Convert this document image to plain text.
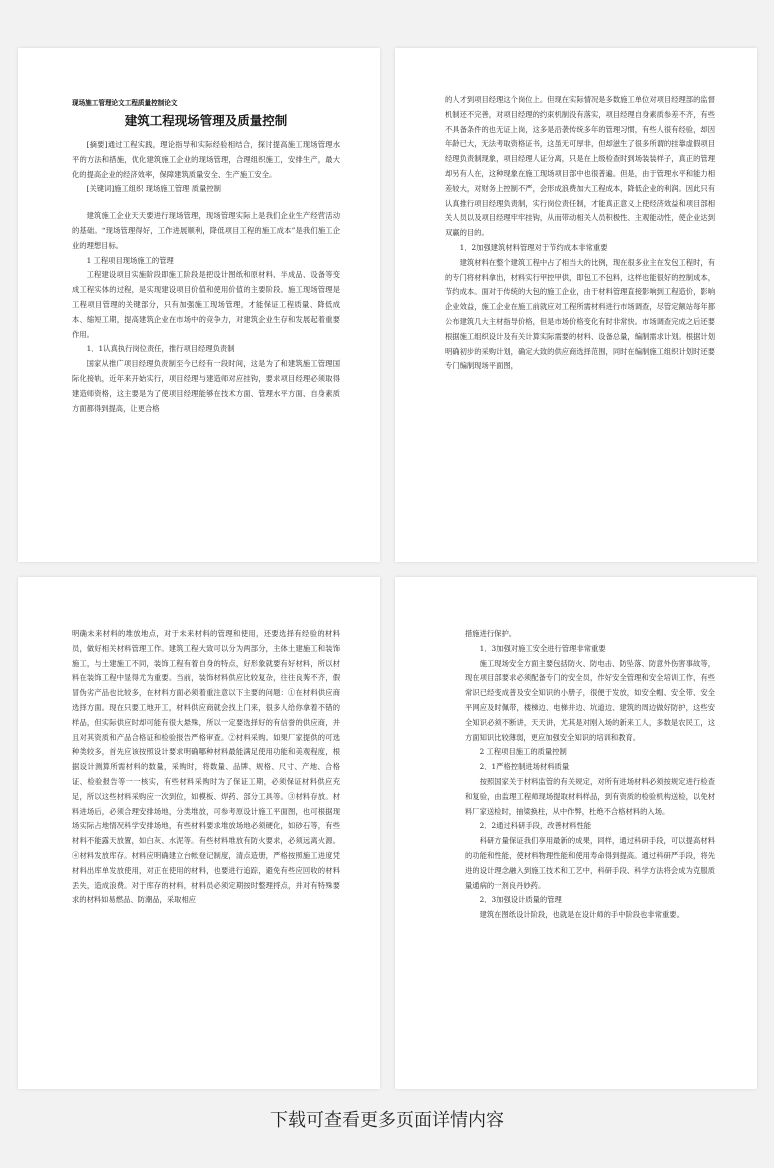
现场施工管理论文工程质量控制论文
建筑工程现场管理及质量控制

[摘要]通过工程实践，理论指导和实际经验相结合，探讨提高施工现场管理水平的方法和措施，优化建筑施工企业的现场管理，合理组织施工，安排生产，最大化的提高企业的经济效率，保障建筑质量安全、生产施工安全。

[关键词]施工组织 现场施工管理 质量控制

建筑施工企业天天要进行现场管理，现场管理实际上是我们企业生产经营活动的基础。“现场管理得好，工作进展顺利，降低项目工程的施工成本”是我们施工企业的理想目标。

1 工程项目现场施工的管理

工程建设项目实施阶段即施工阶段是把设计图纸和原材料、半成品、设备等变成工程实体的过程，是实现建设项目价值和使用价值的主要阶段。施工现场管理是工程项目管理的关键部分，只有加强施工现场管理，才能保证工程质量、降低成本、缩短工期，提高建筑企业在市场中的竞争力，对建筑企业生存和发展起着重要作用。

1．1认真执行岗位责任，推行项目经理负责制

国家从推广项目经理负责制至今已经有一段时间，这是为了和建筑施工管理国际化接轨，近年来开始实行，项目经理与建造师对应挂钩，要求项目经理必须取得建造师资格，这主要是为了使项目经理能够在技术方面、管理水平方面、自身素质方面都得到提高，让更合格

的人才到项目经理这个岗位上。但现在实际情况是多数施工单位对项目经理部的监督机制还不完善，对项目经理的约束机制没有落实，项目经理自身素质参差不齐，有些不具备条件的也无证上岗，这多是沿袭传统多年的管理习惯，有些人很有经验，却因年龄已大，无法考取资格证书，这虽无可厚非，但却滋生了很多所谓的挂靠虚假项目经理负责制现象，项目经理人证分离，只是在上级检查时到场装装样子，真正的管理却另有人在，这种现象在施工现场项目部中也很普遍。但是，由于管理水平和能力相差较大，对财务上控制不严，会形成浪费加大工程成本，降低企业的利润。因此只有认真推行项目经理负责制，实行岗位责任制，才能真正意义上使经济效益和项目部相关人员以及项目经理牢牢挂钩，从而带动相关人员积极性、主观能动性，使企业达到双赢的目的。

1．2加强建筑材料管理对于节约成本非常重要

建筑材料在整个建筑工程中占了相当大的比例，现在很多业主在发包工程时，有的专门将材料拿出，材料实行甲控甲供，即包工不包料，这样也能很好的控制成本，节约成本。面对于传统的大包的施工企业，由于材料管理直接影响到工程造价，影响企业效益，施工企业在施工前就应对工程所需材料进行市场调查，尽管定额站每年都公布建筑几大主材指导价格，但是市场价格变化有时非常快。市场调查完成之后还要根据施工组织设计及有关计算实际需要的材料、设备总量，编制需求计划。根据计划明确初步的采购计划，确定大致的供应商选择范围，同时在编制施工组织计划时还要专门编制现场平面图，

明确未来材料的堆放地点，对于未来材料的管理和使用，还要选择有经验的材料员，做好相关材料管理工作。建筑工程大致可以分为两部分，主体土建施工和装饰施工，与土建施工不同，装饰工程有着自身的特点，好形象就要有好材料，所以材料在装饰工程中显得尤为重要。当前，装饰材料供应比较复杂，往往良莠不齐，假冒伪劣产品也比较多，在材料方面必须着重注意以下主要的问题：①在材料供应商选择方面。现在只要工地开工，材料供应商就会找上门来，很多人给你拿着不错的样品，但实际供应时却可能有很大悬殊，所以一定要选择好的有信誉的供应商，并且对其资质和产品合格证和检验报告严格审查。②材料采购。如果厂家提供的可选种类较多，首先应该按照设计要求明确哪种材料最能满足使用功能和美观程度，根据设计测算所需材料的数量，采购时，将数量、品牌、规格、尺寸、产地、合格证、检验报告等一一核实，有些材料采购时为了保证工期，必须保证材料供应充足，所以这些材料采购应一次到位，如模板、焊药、部分工具等。③材料存放。材料进场后，必须合理安排场地，分类堆放，可参考原设计施工平面图，也可根据现场实际占地情况科学安排场地，有些材料要求堆放场地必须硬化，如砂石等，有些材料不能露天放置，如白灰、水泥等。有些材料堆放有防火要求，必须远离火源。④材料发放库存。材料应明确建立台帐登记制度，清点造册，严格按照施工进度凭材料出库单发放使用，对正在使用的材料，也要进行追踪，避免有些应回收的材料丢失，造成浪费。对于库存的材料，材料员必须定期按时整理捋点，并对有特殊要求的材料如易燃品、防潮品，采取相应

措施进行保护。

1．3加强对施工安全进行管理非常重要

施工现场安全方面主要包括防火、防电击、防坠落、防意外伤害事故等，现在项目部要求必须配备专门的安全员，作好安全管理和安全培训工作，有些常识已经变成普及安全知识的小册子，很便于发放，如安全帽、安全带、安全平网应及时佩带，楼梯边、电梯井边、坑道边、建筑的周边做好防护，这些安全知识必须不断讲，天天讲，尤其是对刚入场的新来工人，多数是农民工，这方面知识比较薄弱，更应加强安全知识的培训和教育。

2 工程项目施工的质量控制

2．1严格控制进场材料质量

按照国家关于材料监管的有关规定，对所有进场材料必须按规定进行检查和复验，由监理工程师现场提取材料样品，到有资质的检验机构送检，以免材料厂家送检时，抽梁换柱，从中作弊，杜绝不合格材料的入场。

2．2通过科研手段，改善材料性能

科研方量保证我们享用最新的成果，同样，通过科研手段，可以提高材料的功能和性能，使材料物理性能和使用寿命得到提高。通过科研严手段，将先进的设计理念融入到施工技术和工艺中，科研手段、科学方法将会成为克服质量通病的一剂良丹妙药。

2．3加强设计质量的管理

建筑在图纸设计阶段，也就是在设计师的手中阶段也非常重要。

下载可查看更多页面详情内容
